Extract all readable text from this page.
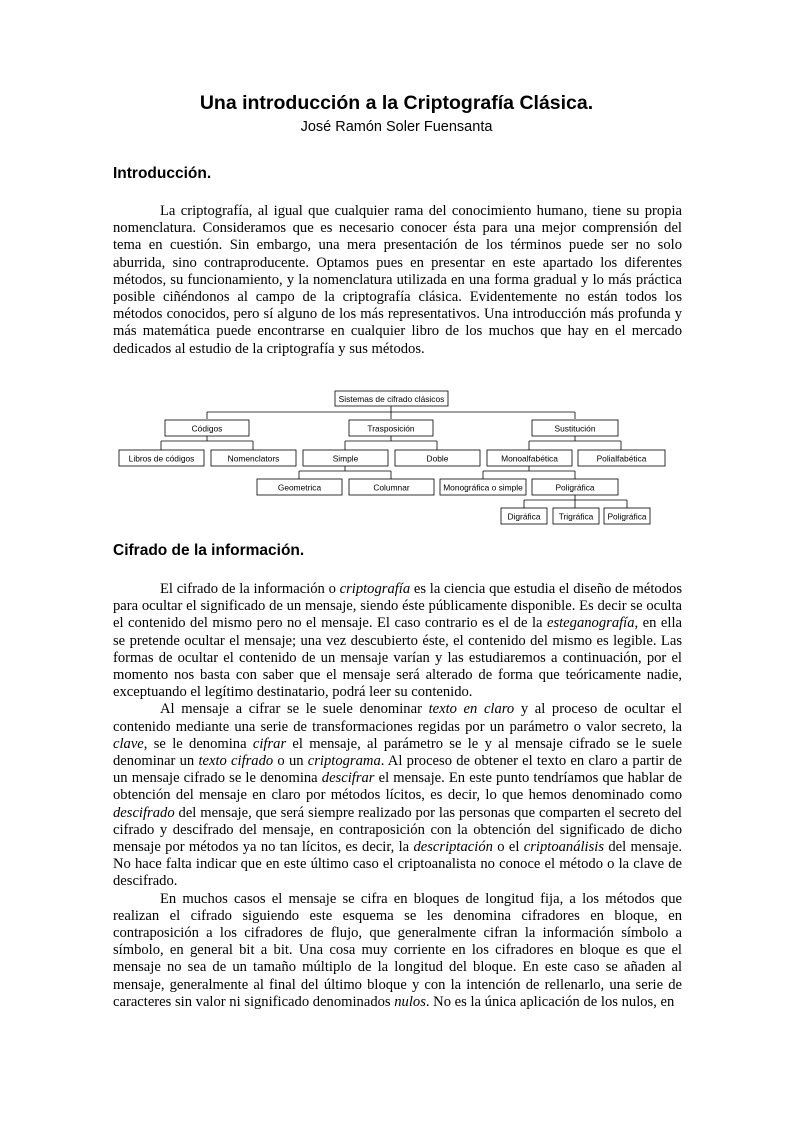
Una introducción a la Criptografía Clásica.
José Ramón Soler Fuensanta
Introducción.

La criptografía, al igual que cualquier rama del conocimiento humano, tiene su propia nomenclatura. Consideramos que es necesario conocer ésta para una mejor comprensión del tema en cuestión. Sin embargo, una mera presentación de los términos puede ser no solo aburrida, sino contraproducente. Optamos pues en presentar en este apartado los diferentes métodos, su funcionamiento, y la nomenclatura utilizada en una forma gradual y lo más práctica posible ciñéndonos al campo de la criptografía clásica. Evidentemente no están todos los métodos conocidos, pero sí alguno de los más representativos. Una introducción más profunda y más matemática puede encontrarse en cualquier libro de los muchos que hay en el mercado dedicados al estudio de la criptografía y sus métodos.

Sistemas de cifrado clásicos
Códigos	Trasposición	Sustitución
Libros de códigos	Nomenclators	Simple	Doble	Monoalfabética	Polialfabética
Geometrica	Columnar	Monográfica o simple	Poligráfica
Digráfica Trigráfica Poligráfica
Cifrado de la información.

El cifrado de la información o criptografía es la ciencia que estudia el diseño de métodos para ocultar el significado de un mensaje, siendo éste públicamente disponible. Es decir se oculta el contenido del mismo pero no el mensaje. El caso contrario es el de la esteganografía, en ella se pretende ocultar el mensaje; una vez descubierto éste, el contenido del mismo es legible. Las formas de ocultar el contenido de un mensaje varían y las estudiaremos a continuación, por el momento nos basta con saber que el mensaje será alterado de forma que teóricamente nadie, exceptuando el legítimo destinatario, podrá leer su contenido.

Al mensaje a cifrar se le suele denominar texto en claro y al proceso de ocultar el contenido mediante una serie de transformaciones regidas por un parámetro o valor secreto, la clave, se le denomina cifrar el mensaje, al parámetro se le y al mensaje cifrado se le suele denominar un texto cifrado o un criptograma. Al proceso de obtener el texto en claro a partir de un mensaje cifrado se le denomina descifrar el mensaje. En este punto tendríamos que hablar de obtención del mensaje en claro por métodos lícitos, es decir, lo que hemos denominado como descifrado del mensaje, que será siempre realizado por las personas que comparten el secreto del cifrado y descifrado del mensaje, en contraposición con la obtención del significado de dicho mensaje por métodos ya no tan lícitos, es decir, la descriptación o el criptoanálisis del mensaje. No hace falta indicar que en este último caso el criptoanalista no conoce el método o la clave de descifrado.

En muchos casos el mensaje se cifra en bloques de longitud fija, a los métodos que realizan el cifrado siguiendo este esquema se les denomina cifradores en bloque, en contraposición a los cifradores de flujo, que generalmente cifran la información símbolo a símbolo, en general bit a bit. Una cosa muy corriente en los cifradores en bloque es que el mensaje no sea de un tamaño múltiplo de la longitud del bloque. En este caso se añaden al mensaje, generalmente al final del último bloque y con la intención de rellenarlo, una serie de caracteres sin valor ni significado denominados nulos. No es la única aplicación de los nulos, en
